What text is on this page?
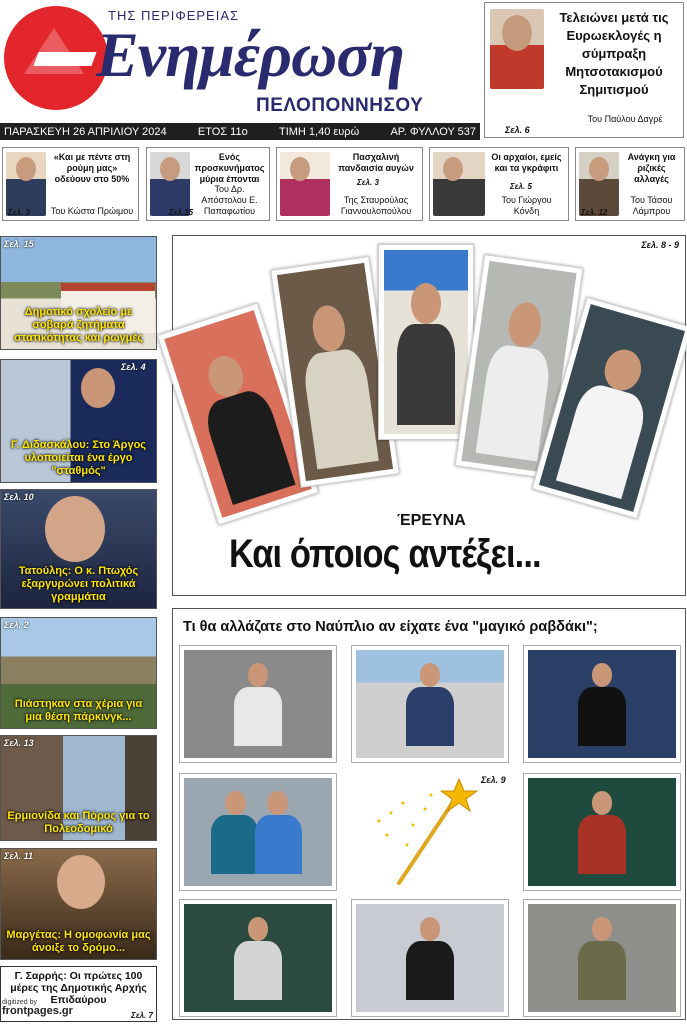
ΤΗΣ ΠΕΡΙΦΕΡΕΙΑΣ
Ενημέρωση
ΠΕΛΟΠΟΝΝΗΣΟΥ
Τελειώνει μετά τις Ευρωεκλογές η σύμπραξη Μητσοτακισμού Σημιτισμού
Σελ. 6
Του Παύλου Δαγρέ
ΠΑΡΑΣΚΕΥΗ 26 ΑΠΡΙΛΙΟΥ 2024	ΕΤΟΣ 11ο	ΤΙΜΗ 1,40 ευρώ	ΑΡ. ΦΥΛΛΟΥ 537
«Και με πέντε στη ρούμη μας» οδεύουν στο 50%
Σελ. 3 Του Κώστα Πρώιμου
Ενός προσκυνήματος μύρια έπονται
Σελ.15
Του Δρ. Απόστολου Ε. Παπαφωτίου
Πασχαλινή πανδαισία αυγών
Σελ. 3
Της Σταυρούλας Γιαννουλοπούλου
Οι αρχαίοι, εμείς και τα γκράφιτι
Σελ. 5
Του Γιώργου Κόνδη
Ανάγκη για ριζικές αλλαγές
Σελ. 12
Του Τάσου Λάμπρου
Σελ. 15
Δημοτικό σχολείο με σοβαρά ζητήματα στατικότητας και ρωγμές
Σελ. 4
Γ. Διδασκάλου: Στο Άργος υλοποιείται ένα έργο "σταθμός"
Σελ. 10
Τατούλης: Ο κ. Πτωχός εξαργυρώνει πολιτικά γραμμάτια
Σελ. 2
Πιάστηκαν στα χέρια για μια θέση πάρκινγκ...
Σελ. 13
Ερμιονίδα και Πόρος για το Πολεοδομικό
Σελ. 11
Μαργέτας: Η ομοφωνία μας άνοιξε το δρόμο...
Γ. Σαρρής: Οι πρώτες 100 μέρες της Δημοτικής Αρχής Επιδαύρου
Σελ. 7
Σελ. 8 - 9
ΈΡΕΥΝΑ
Και όποιος αντέξει...
Τι θα αλλάζατε στο Ναύπλιο αν είχατε ένα "μαγικό ραβδάκι";
Σελ. 9
digitized by
frontpages.gr
